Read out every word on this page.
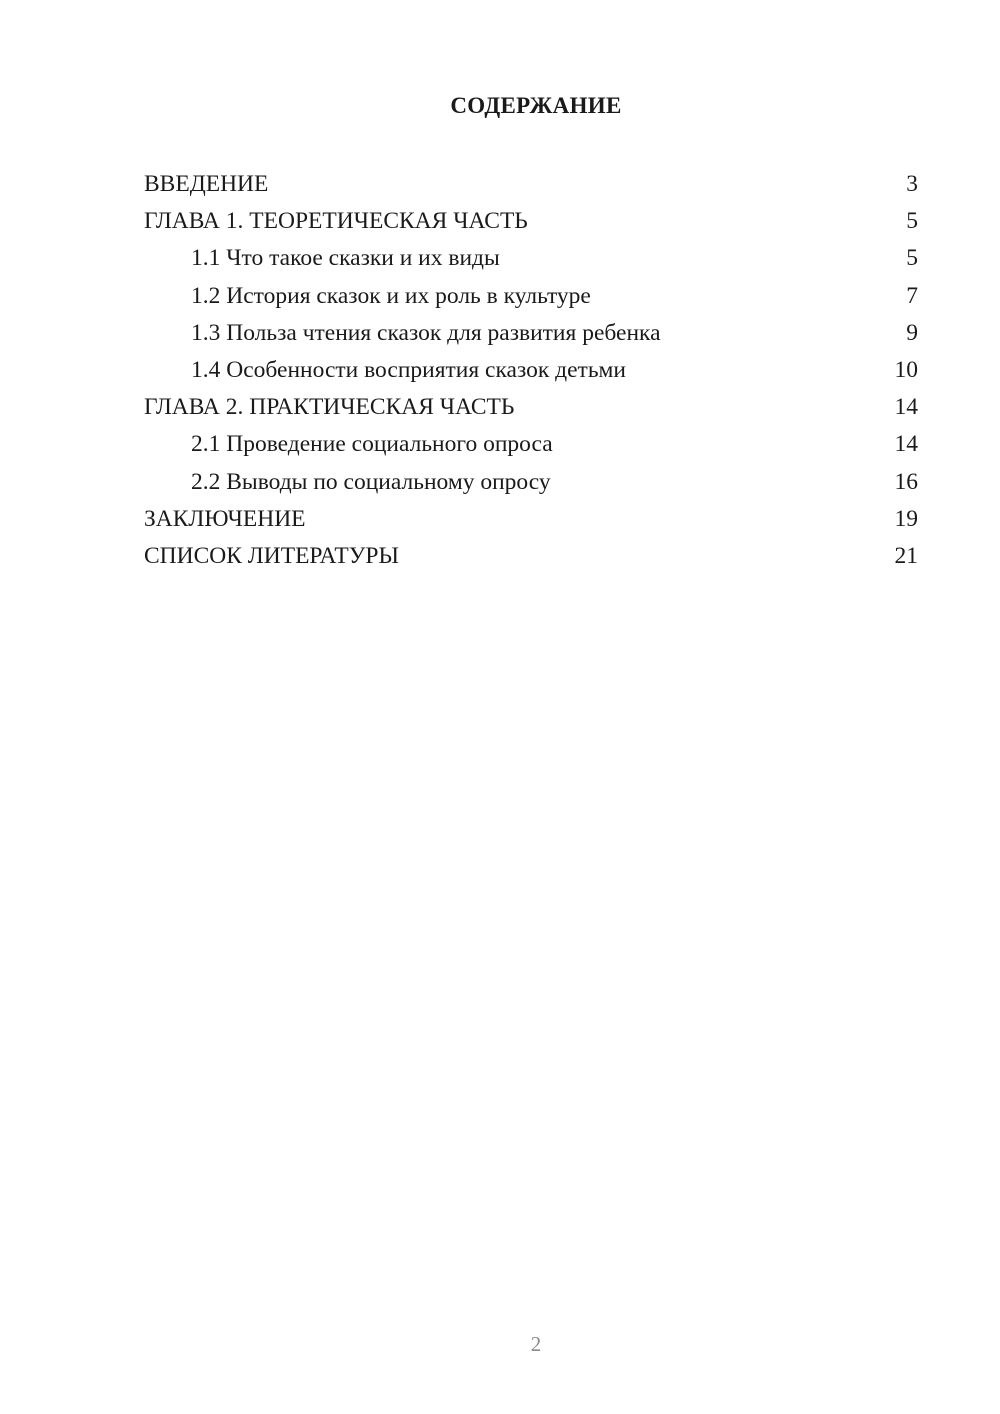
СОДЕРЖАНИЕ
ВВЕДЕНИЕ	3
ГЛАВА 1. ТЕОРЕТИЧЕСКАЯ ЧАСТЬ	5
1.1 Что такое сказки и их виды	5
1.2 История сказок и их роль в культуре	7
1.3 Польза чтения сказок для развития ребенка	9
1.4 Особенности восприятия сказок детьми	10
ГЛАВА 2. ПРАКТИЧЕСКАЯ ЧАСТЬ	14
2.1 Проведение социального опроса	14
2.2 Выводы по социальному опросу	16
ЗАКЛЮЧЕНИЕ	19
СПИСОК ЛИТЕРАТУРЫ	21
2
